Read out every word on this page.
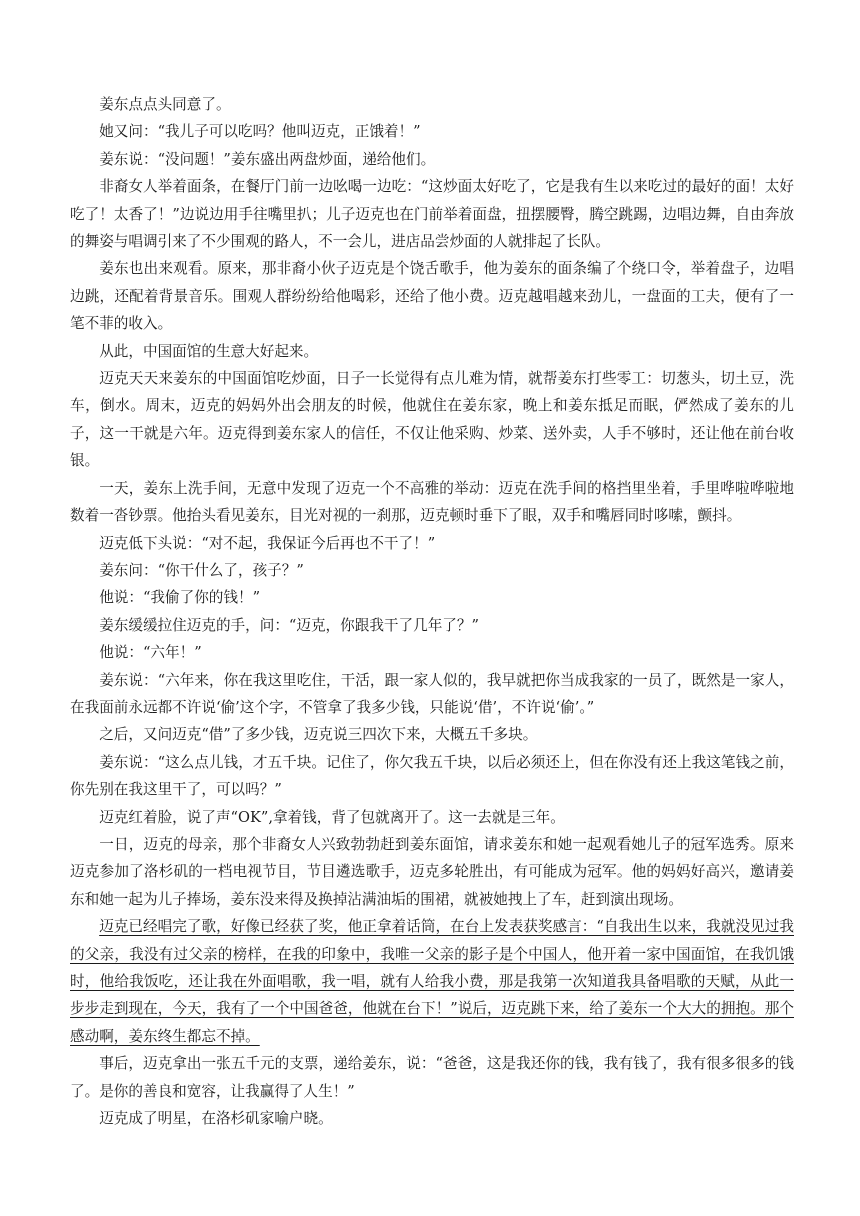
姜东点点头同意了。

她又问：“我儿子可以吃吗？他叫迈克，正饿着！”

姜东说：“没问题！”姜东盛出两盘炒面，递给他们。

非裔女人举着面条，在餐厅门前一边吆喝一边吃：“这炒面太好吃了，它是我有生以来吃过的最好的面！太好吃了！太香了！”边说边用手往嘴里扒；儿子迈克也在门前举着面盘，扭摆腰臀，腾空跳踢，边唱边舞，自由奔放的舞姿与唱调引来了不少围观的路人，不一会儿，进店品尝炒面的人就排起了长队。

姜东也出来观看。原来，那非裔小伙子迈克是个饶舌歌手，他为姜东的面条编了个绕口令，举着盘子，边唱边跳，还配着背景音乐。围观人群纷纷给他喝彩，还给了他小费。迈克越唱越来劲儿，一盘面的工夫，便有了一笔不菲的收入。

从此，中国面馆的生意大好起来。

迈克天天来姜东的中国面馆吃炒面，日子一长觉得有点儿难为情，就帮姜东打些零工：切葱头，切土豆，洗车，倒水。周末，迈克的妈妈外出会朋友的时候，他就住在姜东家，晚上和姜东抵足而眠，俨然成了姜东的儿子，这一干就是六年。迈克得到姜东家人的信任，不仅让他采购、炒菜、送外卖，人手不够时，还让他在前台收银。

一天，姜东上洗手间，无意中发现了迈克一个不高雅的举动：迈克在洗手间的格挡里坐着，手里哗啦哗啦地数着一沓钞票。他抬头看见姜东，目光对视的一刹那，迈克顿时垂下了眼，双手和嘴唇同时哆嗦，颤抖。

迈克低下头说：“对不起，我保证今后再也不干了！”

姜东问：“你干什么了，孩子？”

他说：“我偷了你的钱！”

姜东缓缓拉住迈克的手，问：“迈克，你跟我干了几年了？”

他说：“六年！”

姜东说：“六年来，你在我这里吃住，干活，跟一家人似的，我早就把你当成我家的一员了，既然是一家人，在我面前永远都不许说‘偷’这个字，不管拿了我多少钱，只能说‘借’，不许说‘偷’。”

之后，又问迈克“借”了多少钱，迈克说三四次下来，大概五千多块。

姜东说：“这么点儿钱，才五千块。记住了，你欠我五千块，以后必须还上，但在你没有还上我这笔钱之前，你先别在我这里干了，可以吗？”

迈克红着脸，说了声“OK”,拿着钱，背了包就离开了。这一去就是三年。

一日，迈克的母亲，那个非裔女人兴致勃勃赶到姜东面馆，请求姜东和她一起观看她儿子的冠军选秀。原来迈克参加了洛杉矶的一档电视节目，节目遴选歌手，迈克多轮胜出，有可能成为冠军。他的妈妈好高兴，邀请姜东和她一起为儿子捧场，姜东没来得及换掉沾满油垢的围裙，就被她拽上了车，赶到演出现场。

迈克已经唱完了歌，好像已经获了奖，他正拿着话筒，在台上发表获奖感言：“自我出生以来，我就没见过我的父亲，我没有过父亲的榜样，在我的印象中，我唯一父亲的影子是个中国人，他开着一家中国面馆，在我饥饿时，他给我饭吃，还让我在外面唱歌，我一唱，就有人给我小费，那是我第一次知道我具备唱歌的天赋，从此一步步走到现在，今天，我有了一个中国爸爸，他就在台下！”说后，迈克跳下来，给了姜东一个大大的拥抱。那个感动啊，姜东终生都忘不掉。

事后，迈克拿出一张五千元的支票，递给姜东，说：“爸爸，这是我还你的钱，我有钱了，我有很多很多的钱了。是你的善良和宽容，让我赢得了人生！”

迈克成了明星，在洛杉矶家喻户晓。
